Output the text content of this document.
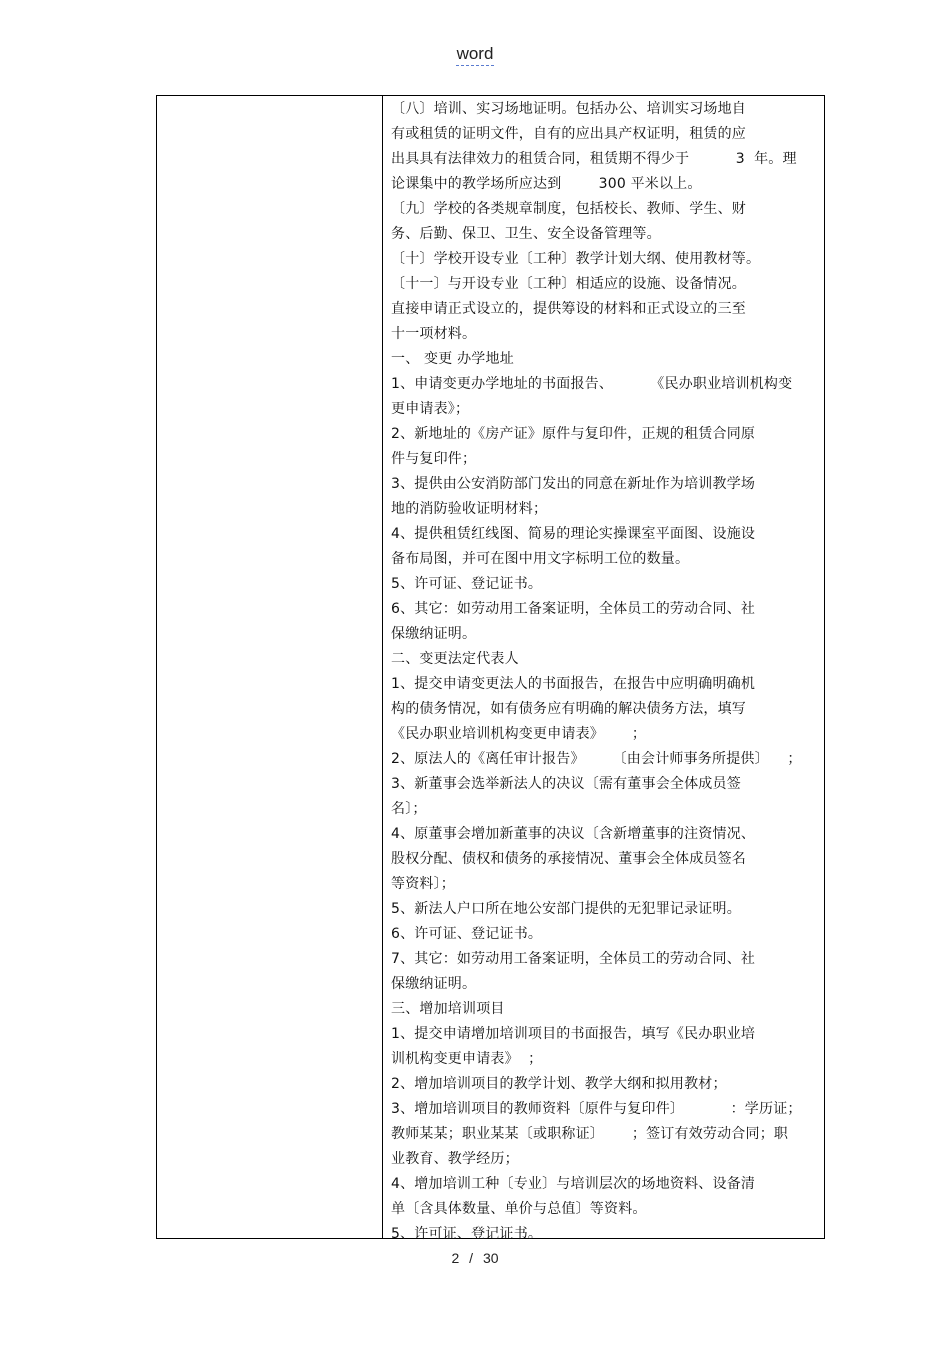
word
〔八〕培训、实习场地证明。包括办公、培训实习场地自
有或租赁的证明文件，自有的应出具产权证明，租赁的应
出具具有法律效力的租赁合同，租赁期不得少于          3  年。理
论课集中的教学场所应达到        300 平米以上。
〔九〕学校的各类规章制度，包括校长、教师、学生、财
务、后勤、保卫、卫生、安全设备管理等。
〔十〕学校开设专业〔工种〕教学计划大纲、使用教材等。
〔十一〕与开设专业〔工种〕相适应的设施、设备情况。
直接申请正式设立的，提供筹设的材料和正式设立的三至
十一项材料。
一、 变更 办学地址
1、申请变更办学地址的书面报告、        《民办职业培训机构变
更申请表》；
2、新地址的《房产证》原件与复印件，正规的租赁合同原
件与复印件；
3、提供由公安消防部门发出的同意在新址作为培训教学场
地的消防验收证明材料；
4、提供租赁红线图、简易的理论实操课室平面图、设施设
备布局图，并可在图中用文字标明工位的数量。
5、许可证、登记证书。
6、其它：如劳动用工备案证明，全体员工的劳动合同、社
保缴纳证明。
二、变更法定代表人
1、提交申请变更法人的书面报告，在报告中应明确明确机
构的债务情况，如有债务应有明确的解决债务方法，填写
《民办职业培训机构变更申请表》      ；
2、原法人的《离任审计报告》      〔由会计师事务所提供〕    ；
3、新董事会选举新法人的决议〔需有董事会全体成员签
名〕；
4、原董事会增加新董事的决议〔含新增董事的注资情况、
股权分配、债权和债务的承接情况、董事会全体成员签名
等资料〕；
5、新法人户口所在地公安部门提供的无犯罪记录证明。
6、许可证、登记证书。
7、其它：如劳动用工备案证明，全体员工的劳动合同、社
保缴纳证明。
三、增加培训项目
1、提交申请增加培训项目的书面报告，填写《民办职业培
训机构变更申请表》  ；
2、增加培训项目的教学计划、教学大纲和拟用教材；
3、增加培训项目的教师资料〔原件与复印件〕          ：学历证；
教师某某；职业某某〔或职称证〕      ；签订有效劳动合同；职
业教育、教学经历；
4、增加培训工种〔专业〕与培训层次的场地资料、设备清
单〔含具体数量、单价与总值〕等资料。
5、许可证、登记证书。
2 / 30
